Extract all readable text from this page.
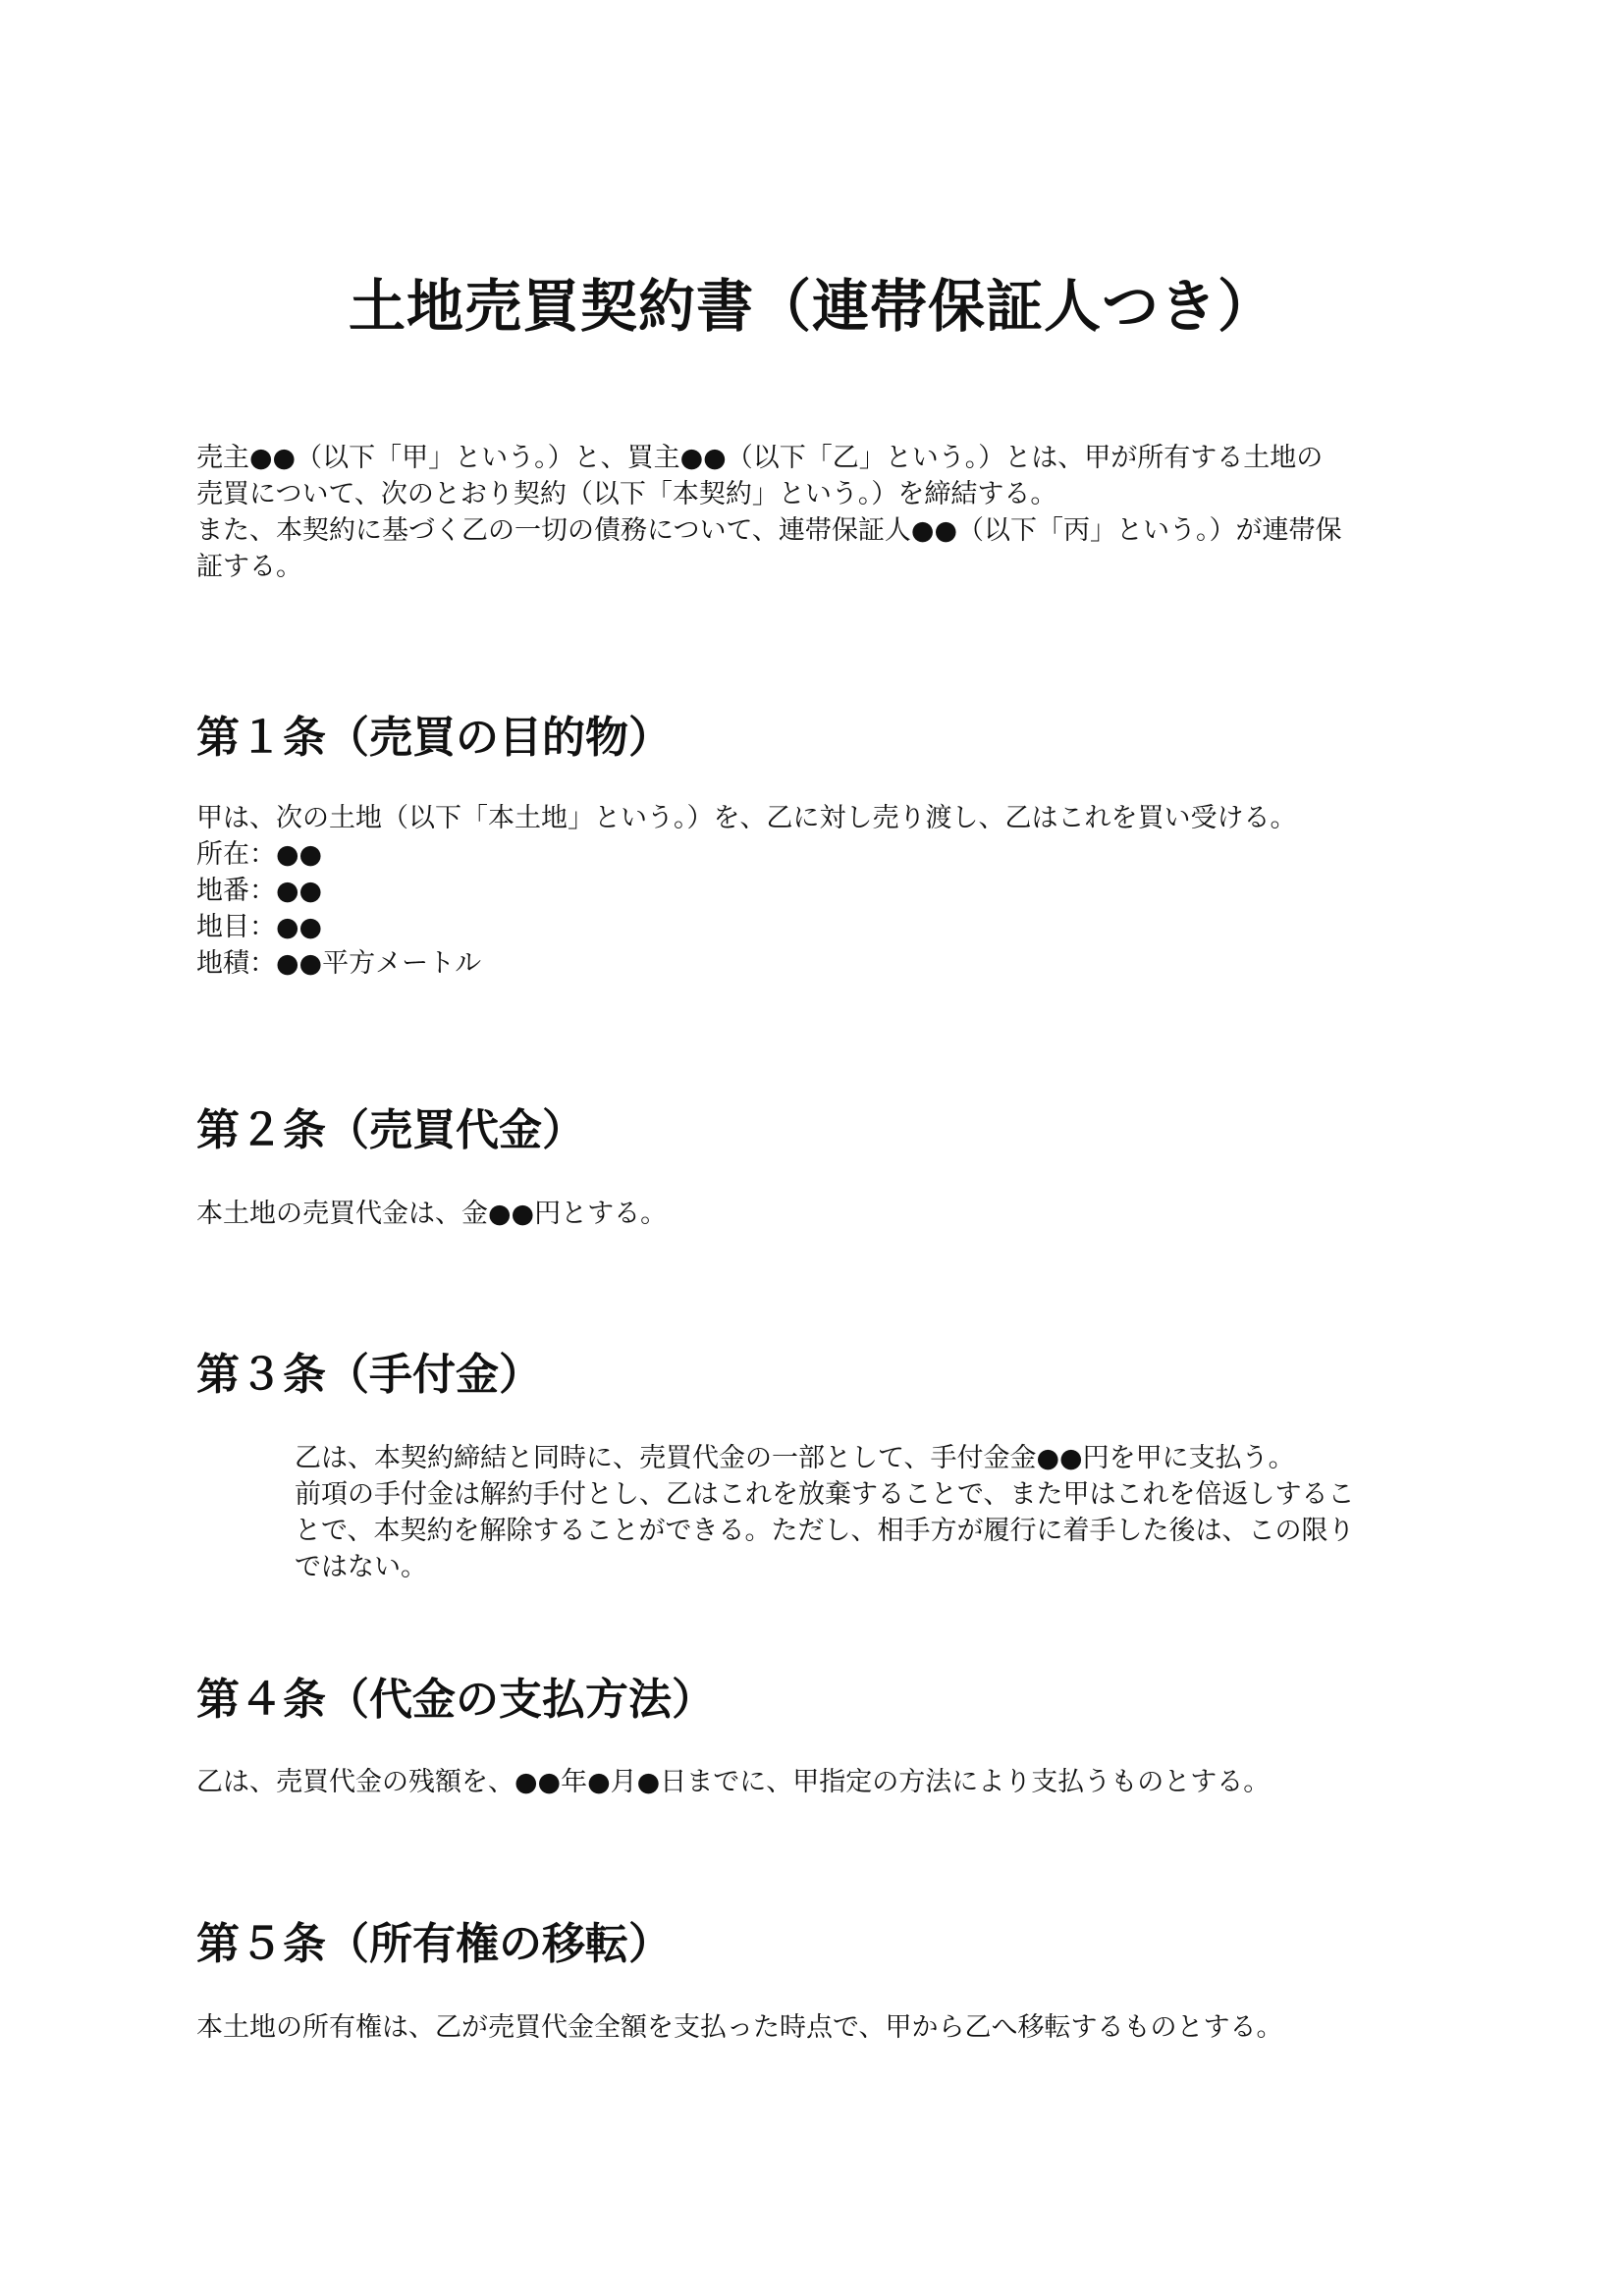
土地売買契約書（連帯保証人つき）
売主●●（以下「甲」という。）と、買主●●（以下「乙」という。）とは、甲が所有する土地の
売買について、次のとおり契約（以下「本契約」という。）を締結する。
また、本契約に基づく乙の一切の債務について、連帯保証人●●（以下「丙」という。）が連帯保
証する。
第１条（売買の目的物）
甲は、次の土地（以下「本土地」という。）を、乙に対し売り渡し、乙はこれを買い受ける。
所在：●●
地番：●●
地目：●●
地積：●●平方メートル
第２条（売買代金）
本土地の売買代金は、金●●円とする。
第３条（手付金）
乙は、本契約締結と同時に、売買代金の一部として、手付金金●●円を甲に支払う。
前項の手付金は解約手付とし、乙はこれを放棄することで、また甲はこれを倍返しするこ
とで、本契約を解除することができる。ただし、相手方が履行に着手した後は、この限り
ではない。
第４条（代金の支払方法）
乙は、売買代金の残額を、●●年●月●日までに、甲指定の方法により支払うものとする。
第５条（所有権の移転）
本土地の所有権は、乙が売買代金全額を支払った時点で、甲から乙へ移転するものとする。
